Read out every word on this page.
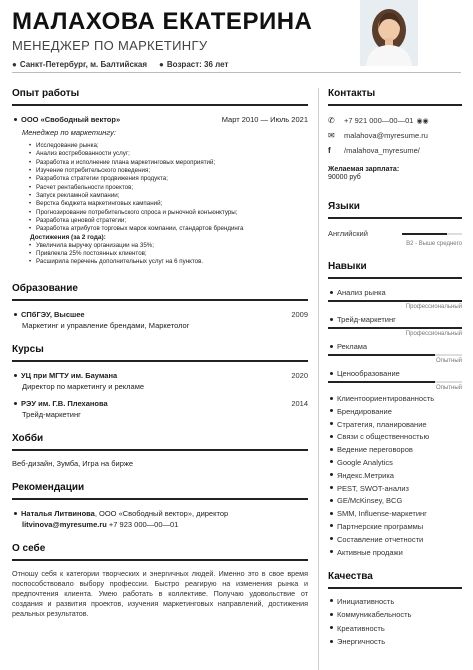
МАЛАХОВА ЕКАТЕРИНА
МЕНЕДЖЕР ПО МАРКЕТИНГУ
● Санкт-Петербург, м. Балтийская ● Возраст: 36 лет
Опыт работы
ООО «Свободный вектор»	Март 2010 — Июль 2021
Менеджер по маркетингу:
• Исследование рынка;
• Анализ востребованности услуг;
• Разработка и исполнение плана маркетинговых мероприятий;
• Изучение потребительского поведения;
• Разработка стратегии продвижения продукта;
• Расчет рентабельности проектов;
• Запуск рекламной кампании;
• Верстка бюджета маркетинговых кампаний;
• Прогнозирование потребительского спроса и рыночной конъюнктуры;
• Разработка ценовой стратегии;
• Разработка атрибутов торговых марок компании, стандартов брендинга
Достижения (за 2 года):
• Увеличила выручку организации на 35%;
• Привлекла 25% постоянных клиентов;
• Расширила перечень дополнительных услуг на 6 пунктов.
Образование
СПбГЭУ, Высшее	2009
Маркетинг и управление брендами, Маркетолог
Курсы
УЦ при МГТУ им. Баумана	2020
Директор по маркетингу и рекламе
РЭУ им. Г.В. Плеханова	2014
Трейд-маркетинг
Хобби
Веб-дизайн, Зумба, Игра на бирже
Рекомендации
Наталья Литвинова, ООО «Свободный вектор», директор
litvinova@myresume.ru +7 923 000—00—01
О себе
Отношу себя к категории творческих и энергичных людей. Именно это в свое время поспособствовало выбору профессии. Быстро реагирую на изменения рынка и предпочтения клиента. Умею работать в коллективе. Получаю удовольствие от создания и развития проектов, изучения маркетинговых направлений, достижения реальных результатов.
Контакты
✆	+7 921 000—00—01 ◉◉
✉	malahova@myresume.ru
f	/malahova_myresume/
Желаемая зарплата:
90000 руб
Языки
Английский
B2 - Выше среднего
Навыки
Анализ рынка
Профессиональный
Трейд-маркетинг
Профессиональный
Реклама
Опытный
Ценообразование
Опытный
Клиентоориентированность
Брендирование
Стратегия, планирование
Связи с общественностью
Ведение переговоров
Google Analytics
Яндекс.Метрика
PEST, SWOT-анализ
GE/McKinsey, BCG
SMM, Influense-маркетинг
Партнерские программы
Составление отчетности
Активные продажи
Качества
Инициативность
Коммуникабельность
Креативность
Энергичность
